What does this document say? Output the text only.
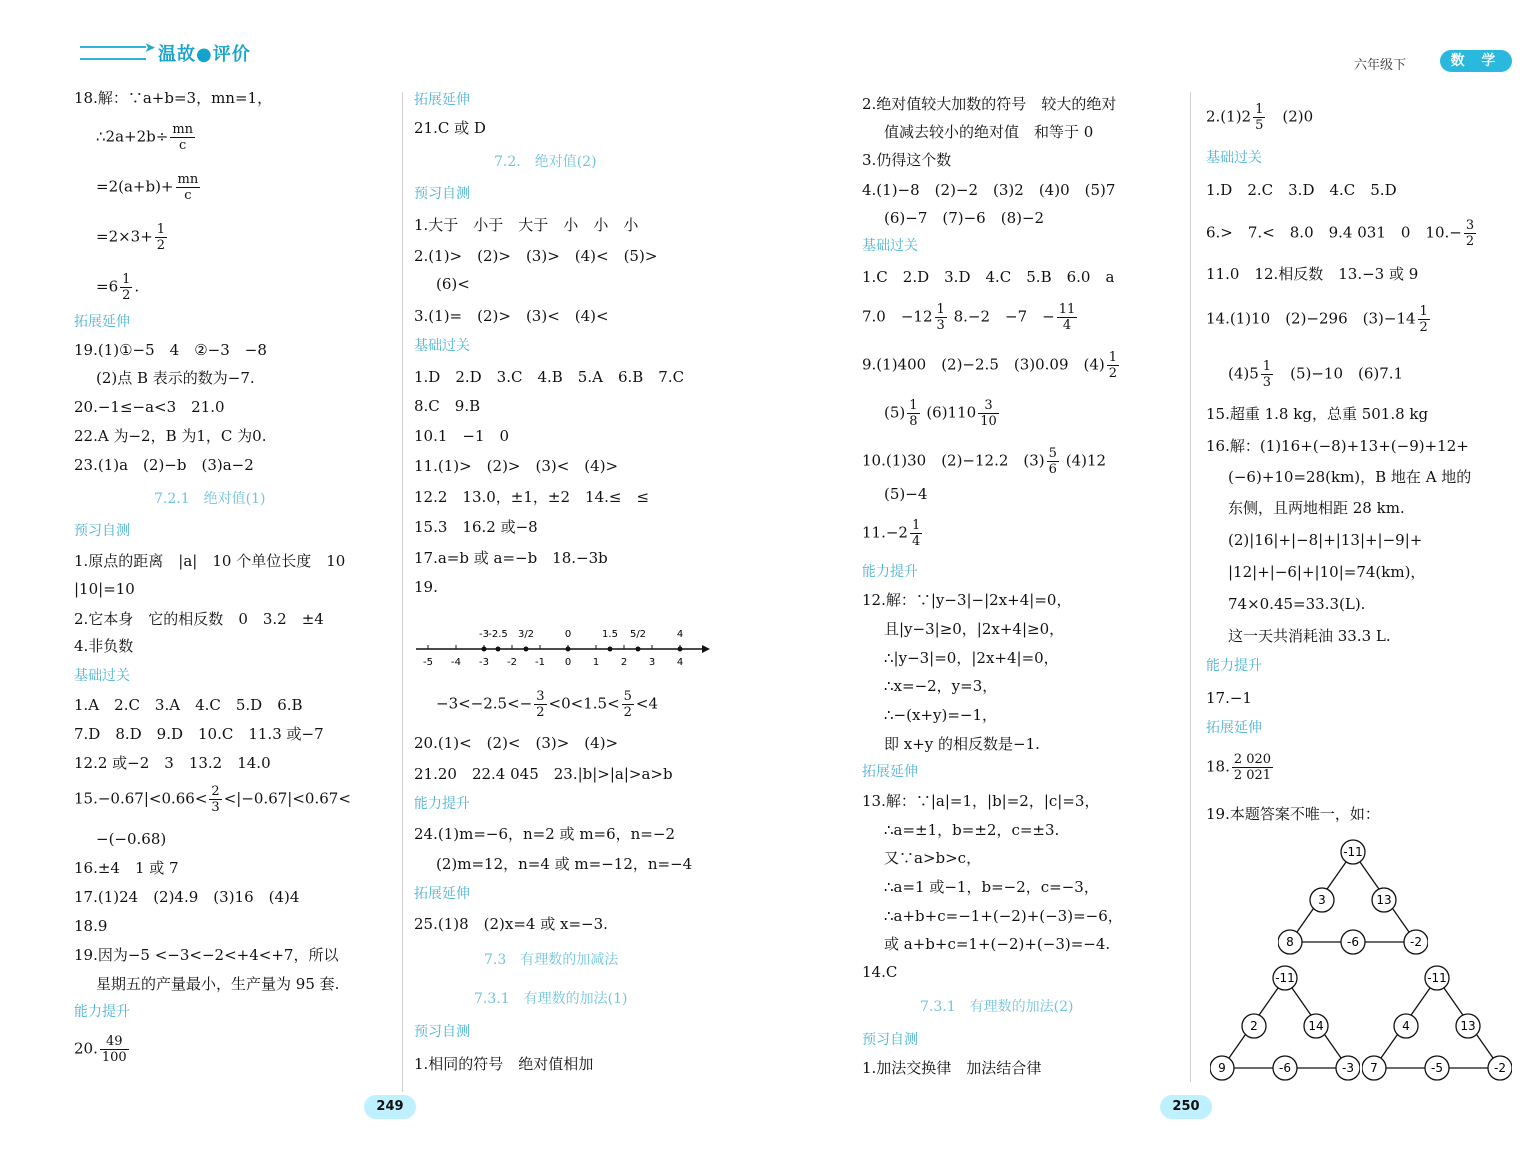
➤ 温故●评价
六年级下	数 学
18.解：∵a+b=3，mn=1，
∴2a+2b÷ $\frac{mn}{c}$
$=2(a+b)+ \frac{mn}{c}$
$=2\times 3+ \frac{1}{2}$
$=6 \frac{1}{2}$ .
拓展延伸
19.(1)①−5　4　②−3　−8
(2)点 B 表示的数为−7.
20.−1≤−a<3　21.0
22.A 为−2，B 为1，C 为0.
23.(1)a　(2)−b　(3)a−2
7.2.1　绝对值(1)
预习自测
1.原点的距离　|a|　10 个单位长度　10
|10|=10
2.它本身　它的相反数　0　3.2　±4
4.非负数
基础过关
1.A　2.C　3.A　4.C　5.D　6.B
7.D　8.D　9.D　10.C　11.3 或−7
12.2 或−2　3　13.2　14.0
$15.-0.67|<0.66< \frac{2}{3} <|-0.67|<0.67<$
−(−0.68)
16.±4　1 或 7
17.(1)24　(2)4.9　(3)16　(4)4
18.9
19.因为−5 <−3<−2<+4<+7，所以
星期五的产量最小，生产量为 95 套.
能力提升
20. $\frac{49}{100}$
拓展延伸
21.C 或 D
7.2.　绝对值(2)
预习自测
1.大于　小于　大于　小　小　小
2.(1)>　(2)>　(3)>　(4)<　(5)>
(6)<
3.(1)=　(2)>　(3)<　(4)<
基础过关
1.D　2.D　3.C　4.B　5.A　6.B　7.C
8.C　9.B
10.1　−1　0
11.(1)>　(2)>　(3)<　(4)>
12.2　13.0，±1，±2　14.≤　≤
15.3　16.2 或−8
17.a=b 或 a=−b　18.−3b
19.
-5 -4 -3 -2 -1 0 1 2 3 4
-3 -2.5 3/2	0	1.5 5/2	4
$-3<-2.5<- \frac{3}{2} <0<1.5< \frac{5}{2} <4$
20.(1)<　(2)<　(3)>　(4)>
21.20　22.4 045　23.|b|>|a|>a>b
能力提升
24.(1)m=−6，n=2 或 m=6，n=−2
(2)m=12，n=4 或 m=−12，n=−4
拓展延伸
25.(1)8　(2)x=4 或 x=−3.
7.3　有理数的加减法
7.3.1　有理数的加法(1)
预习自测
1.相同的符号　绝对值相加
2.绝对值较大加数的符号　较大的绝对
值减去较小的绝对值　和等于 0
3.仍得这个数
4.(1)−8　(2)−2　(3)2　(4)0　(5)7
(6)−7　(7)−6　(8)−2
基础过关
1.C　2.D　3.D　4.C　5.B　6.0　a
7.0　$-12 \frac{1}{3} 8.-2$　−7　− $\frac{11}{4}$
9.(1)400　(2)−2.5　(3)0.09　$(4) \frac{1}{2}$
$(5) \frac{1}{8} (6)110 \frac{3}{10}$
10.(1)30　(2)−12.2　$(3) \frac{5}{6} (4)12$
(5)−4
$11.-2 \frac{1}{4}$
能力提升
12.解：∵|y−3|−|2x+4|=0，
且|y−3|≥0，|2x+4|≥0，
∴|y−3|=0，|2x+4|=0，
∴x=−2，y=3，
∴−(x+y)=−1，
即 x+y 的相反数是−1.
拓展延伸
13.解：∵|a|=1，|b|=2，|c|=3，
∴a=±1，b=±2，c=±3.
又∵a>b>c，
∴a=1 或−1，b=−2，c=−3，
∴a+b+c=−1+(−2)+(−3)=−6，
或 a+b+c=1+(−2)+(−3)=−4.
14.C
7.3.1　有理数的加法(2)
预习自测
1.加法交换律　加法结合律
$2.(1)2 \frac{1}{5}$
　 (2)0
基础过关
1.D　2.C　3.D　4.C　5.D
6.>　7.<　8.0　9.4 031　0　$10.- \frac{3}{2}$
11.0　12.相反数　13.−3 或 9
14.(1)10　(2)−296　$(3)-14 \frac{1}{2}$
$(4)5 \frac{1}{3}$
　 (5)−10　(6)7.1
15.超重 1.8 kg，总重 501.8 kg
16.解：(1)16+(−8)+13+(−9)+12+
(−6)+10=28(km)，B 地在 A 地的
东侧，且两地相距 28 km.
(2)|16|+|−8|+|13|+|−9|+
|12|+|−6|+|10|=74(km)，
74×0.45=33.3(L).
这一天共消耗油 33.3 L.
能力提升
17.−1
拓展延伸
18. $\frac{2 020}{2 021}$
19.本题答案不唯一，如：
-11
3	13
8	-6	-2
-11
2	14
9	-6	-3
-11
4	13
7	-5	-2
249	250
